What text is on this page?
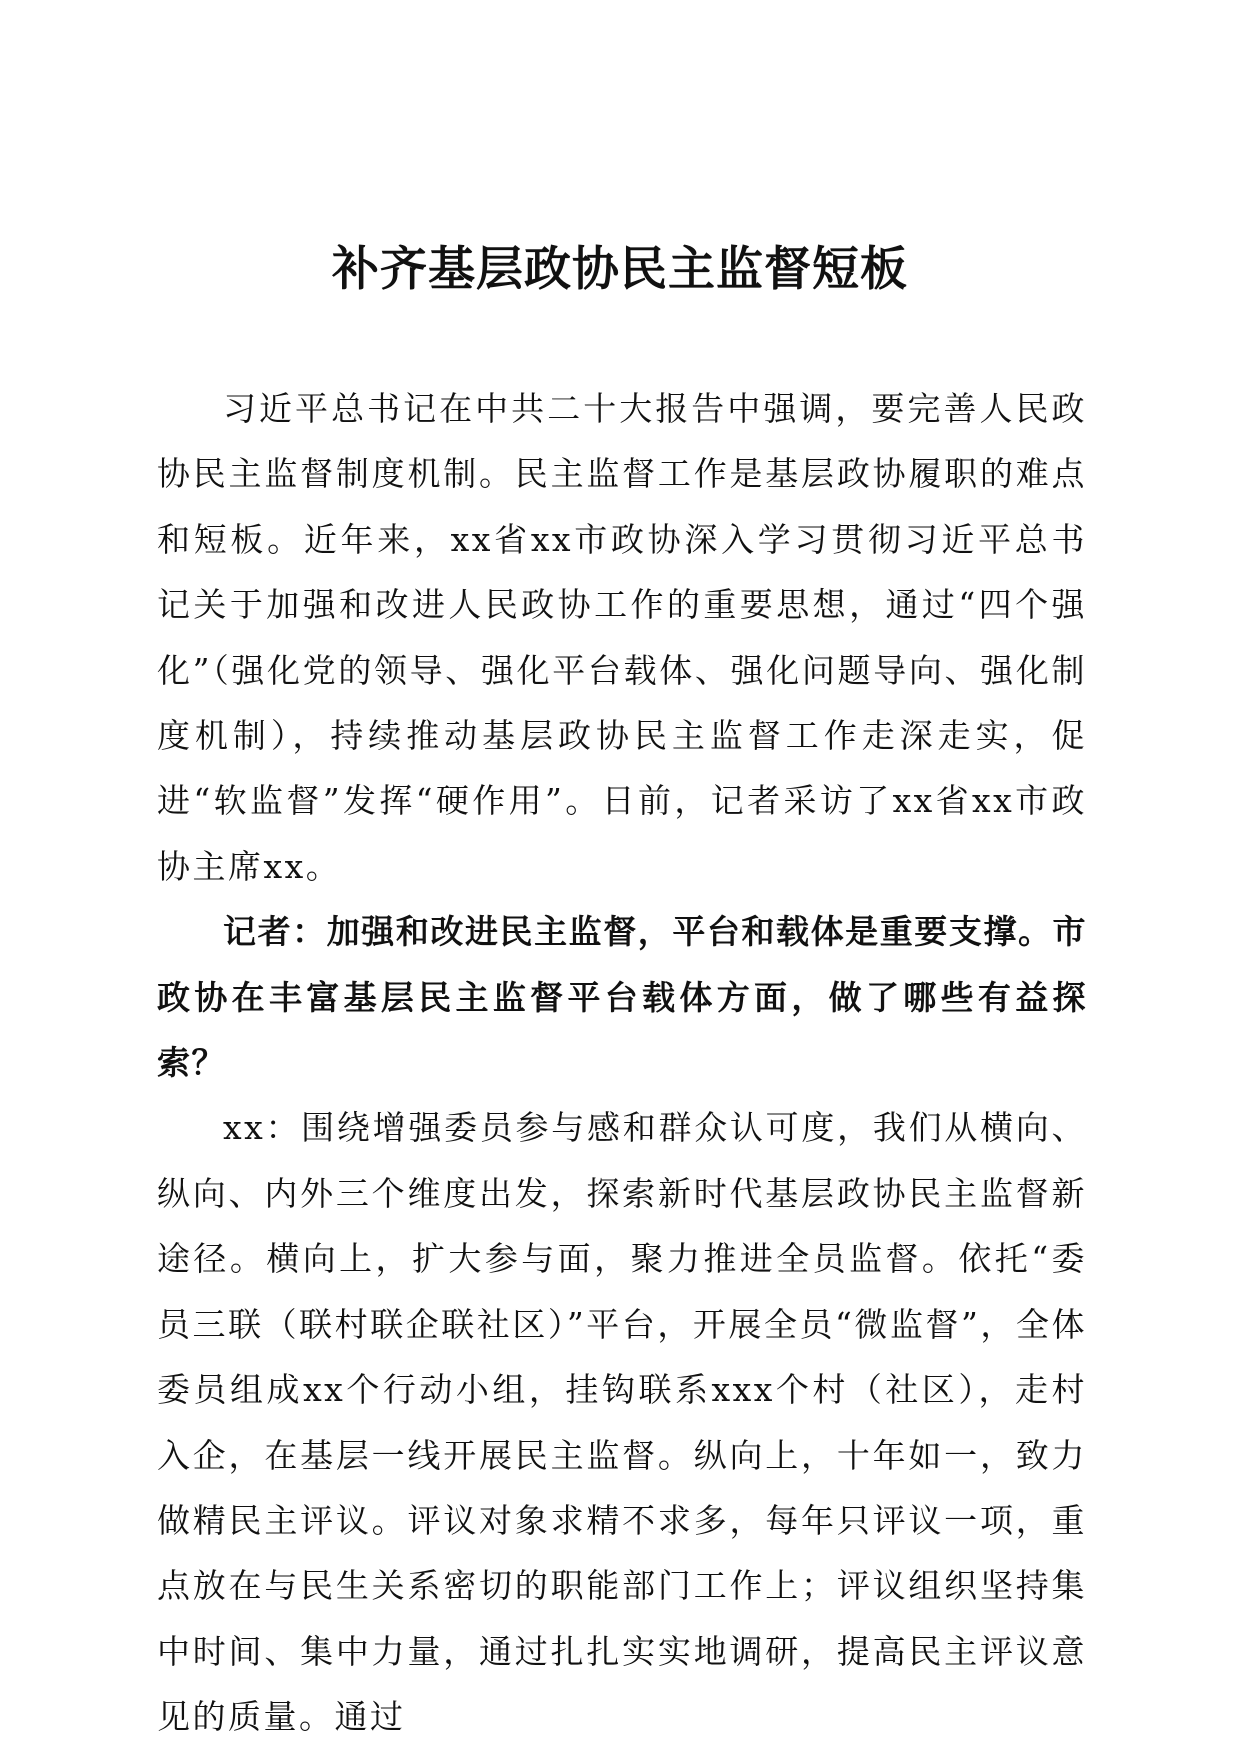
补齐基层政协民主监督短板

习近平总书记在中共二十大报告中强调，要完善人民政协民主监督制度机制。民主监督工作是基层政协履职的难点和短板。近年来，xx省xx市政协深入学习贯彻习近平总书记关于加强和改进人民政协工作的重要思想，通过“四个强化”（强化党的领导、强化平台载体、强化问题导向、强化制度机制），持续推动基层政协民主监督工作走深走实，促进“软监督”发挥“硬作用”。日前，记者采访了xx省xx市政协主席xx。

记者：加强和改进民主监督，平台和载体是重要支撑。市政协在丰富基层民主监督平台载体方面，做了哪些有益探索？

xx：围绕增强委员参与感和群众认可度，我们从横向、纵向、内外三个维度出发，探索新时代基层政协民主监督新途径。横向上，扩大参与面，聚力推进全员监督。依托“委员三联（联村联企联社区）”平台，开展全员“微监督”，全体委员组成xx个行动小组，挂钩联系xxx个村（社区），走村入企，在基层一线开展民主监督。纵向上，十年如一，致力做精民主评议。评议对象求精不求多，每年只评议一项，重点放在与民生关系密切的职能部门工作上；评议组织坚持集中时间、集中力量，通过扎扎实实地调研，提高民主评议意见的质量。通过
